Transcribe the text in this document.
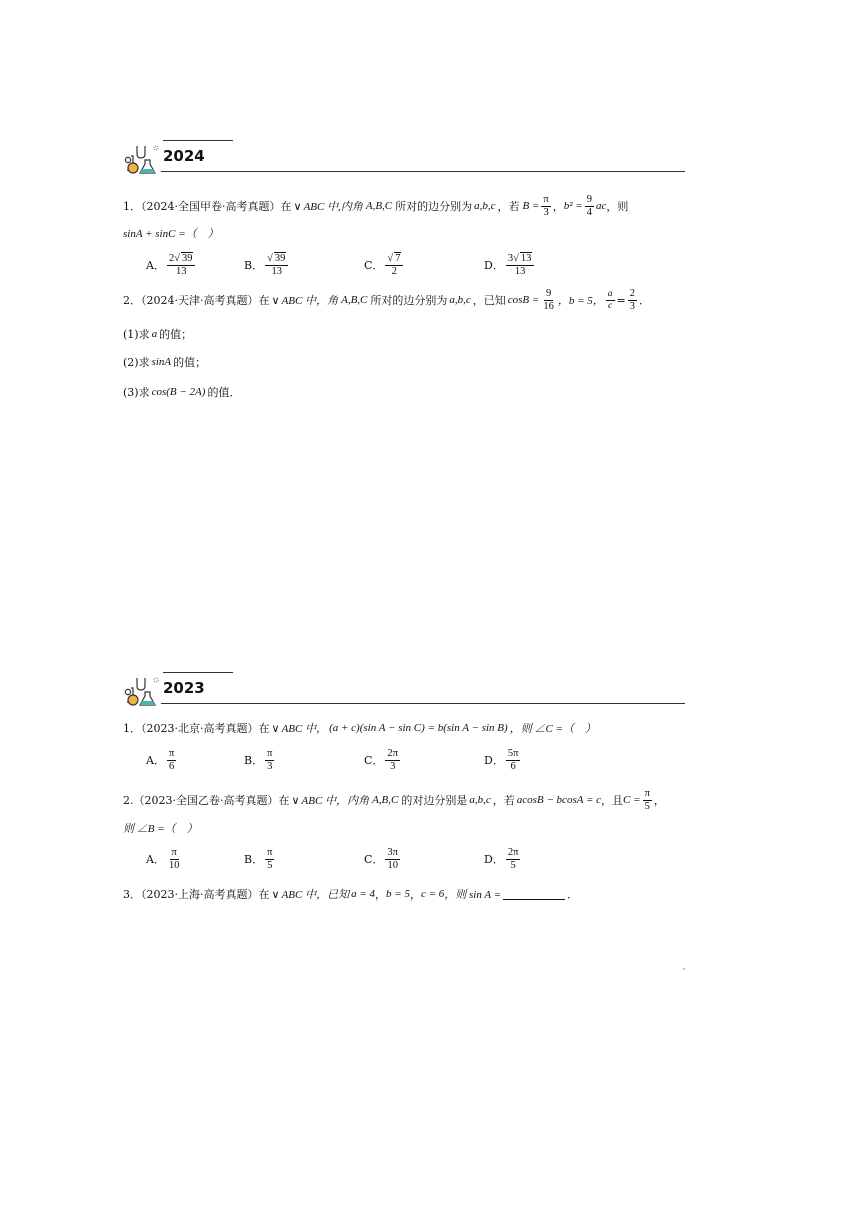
2024
1．（2024·全国甲卷·高考真题）在 ∨ ABC 中,内角 A,B,C 所对的边分别为 a,b,c ，若 $B = \frac{\pi}{3}$ ， $b^2 = \frac{9}{4}$ ac ，则
sinA + sinC =（　）
A． $\frac{2√ 39}{13}$	B． $\frac{√ 39}{13}$	C． $\frac{√ 7}{2}$	D． $\frac{3√ 13}{13}$
2．（2024·天津·高考真题）在 ∨ ABC 中，角 A,B,C 所对的边分别为 a,b,c ，已知 $\cos B = \frac{9}{16}$ ，b = 5， $\frac{a}{c} = \frac{2}{3}$ ．
(1)求 a 的值；
(2)求 sinA 的值；
(3)求 cos(B − 2A) 的值．
2023
1．（2023·北京·高考真题）在 ∨ ABC 中， (a + c)(sin A − sin C) = b(sin A − sin B) ，则 ∠C =（　）
A． $\frac{\pi}{6}$	B． $\frac{\pi}{3}$	C． $\frac{2\pi}{3}$	D． $\frac{5\pi}{6}$
2.（2023·全国乙卷·高考真题）在 ∨ ABC 中，内角 A,B,C 的对边分别是 a,b,c ，若 acosB − bcosA = c ，且 $C = \frac{\pi}{5}$ ，
则 ∠B =（　）
A． $\frac{\pi}{10}$	B． $\frac{\pi}{5}$	C． $\frac{3\pi}{10}$	D． $\frac{2\pi}{5}$
3．（2023·上海·高考真题）在 ∨ ABC 中，已知 a = 4 ， b = 5 ， c = 6 ，则 sin A =	．
˜
